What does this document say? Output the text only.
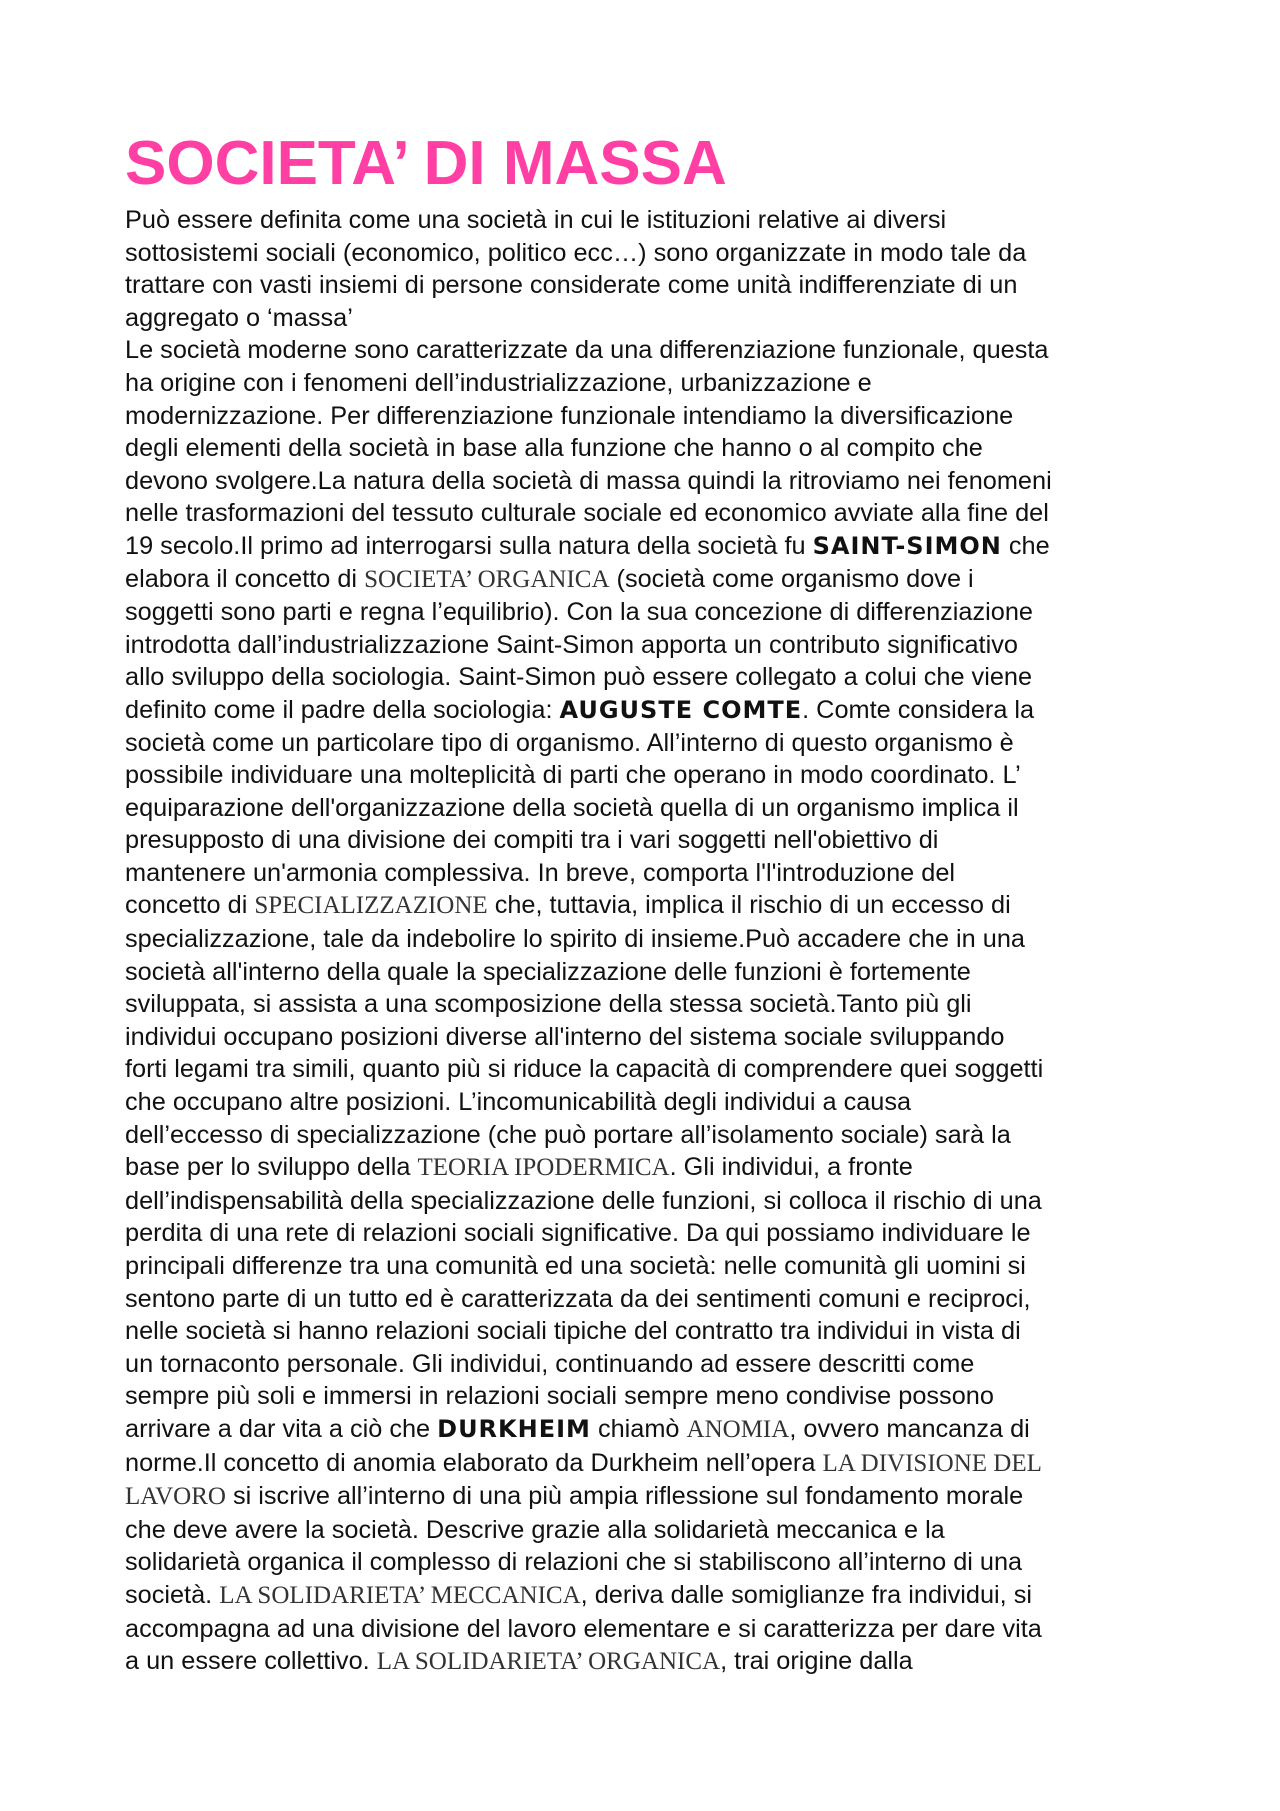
SOCIETA’ DI MASSA
Può essere definita come una società in cui le istituzioni relative ai diversi
sottosistemi sociali (economico, politico ecc…) sono organizzate in modo tale da
trattare con vasti insiemi di persone considerate come unità indifferenziate di un
aggregato o ‘massa’
Le società moderne sono caratterizzate da una differenziazione funzionale, questa
ha origine con i fenomeni dell’industrializzazione, urbanizzazione e
modernizzazione. Per differenziazione funzionale intendiamo la diversificazione
degli elementi della società in base alla funzione che hanno o al compito che
devono svolgere.La natura della società di massa quindi la ritroviamo nei fenomeni
nelle trasformazioni del tessuto culturale sociale ed economico avviate alla fine del
19 secolo.Il primo ad interrogarsi sulla natura della società fu SAINT-SIMON che
elabora il concetto di SOCIETA’ ORGANICA (società come organismo dove i
soggetti sono parti e regna l’equilibrio). Con la sua concezione di differenziazione
introdotta dall’industrializzazione Saint-Simon apporta un contributo significativo
allo sviluppo della sociologia. Saint-Simon può essere collegato a colui che viene
definito come il padre della sociologia: AUGUSTE COMTE. Comte considera la
società come un particolare tipo di organismo. All’interno di questo organismo è
possibile individuare una molteplicità di parti che operano in modo coordinato. L’
equiparazione dell'organizzazione della società quella di un organismo implica il
presupposto di una divisione dei compiti tra i vari soggetti nell'obiettivo di
mantenere un'armonia complessiva. In breve, comporta l'l'introduzione del
concetto di SPECIALIZZAZIONE che, tuttavia, implica il rischio di un eccesso di
specializzazione, tale da indebolire lo spirito di insieme.Può accadere che in una
società all'interno della quale la specializzazione delle funzioni è fortemente
sviluppata, si assista a una scomposizione della stessa società.Tanto più gli
individui occupano posizioni diverse all'interno del sistema sociale sviluppando
forti legami tra simili, quanto più si riduce la capacità di comprendere quei soggetti
che occupano altre posizioni. L’incomunicabilità degli individui a causa
dell’eccesso di specializzazione (che può portare all’isolamento sociale) sarà la
base per lo sviluppo della TEORIA IPODERMICA. Gli individui, a fronte
dell’indispensabilità della specializzazione delle funzioni, si colloca il rischio di una
perdita di una rete di relazioni sociali significative. Da qui possiamo individuare le
principali differenze tra una comunità ed una società: nelle comunità gli uomini si
sentono parte di un tutto ed è caratterizzata da dei sentimenti comuni e reciproci,
nelle società si hanno relazioni sociali tipiche del contratto tra individui in vista di
un tornaconto personale. Gli individui, continuando ad essere descritti come
sempre più soli e immersi in relazioni sociali sempre meno condivise possono
arrivare a dar vita a ciò che DURKHEIM chiamò ANOMIA, ovvero mancanza di
norme.Il concetto di anomia elaborato da Durkheim nell’opera LA DIVISIONE DEL
LAVORO si iscrive all’interno di una più ampia riflessione sul fondamento morale
che deve avere la società. Descrive grazie alla solidarietà meccanica e la
solidarietà organica il complesso di relazioni che si stabiliscono all’interno di una
società. LA SOLIDARIETA’ MECCANICA, deriva dalle somiglianze fra individui, si
accompagna ad una divisione del lavoro elementare e si caratterizza per dare vita
a un essere collettivo. LA SOLIDARIETA’ ORGANICA, trai origine dalla
